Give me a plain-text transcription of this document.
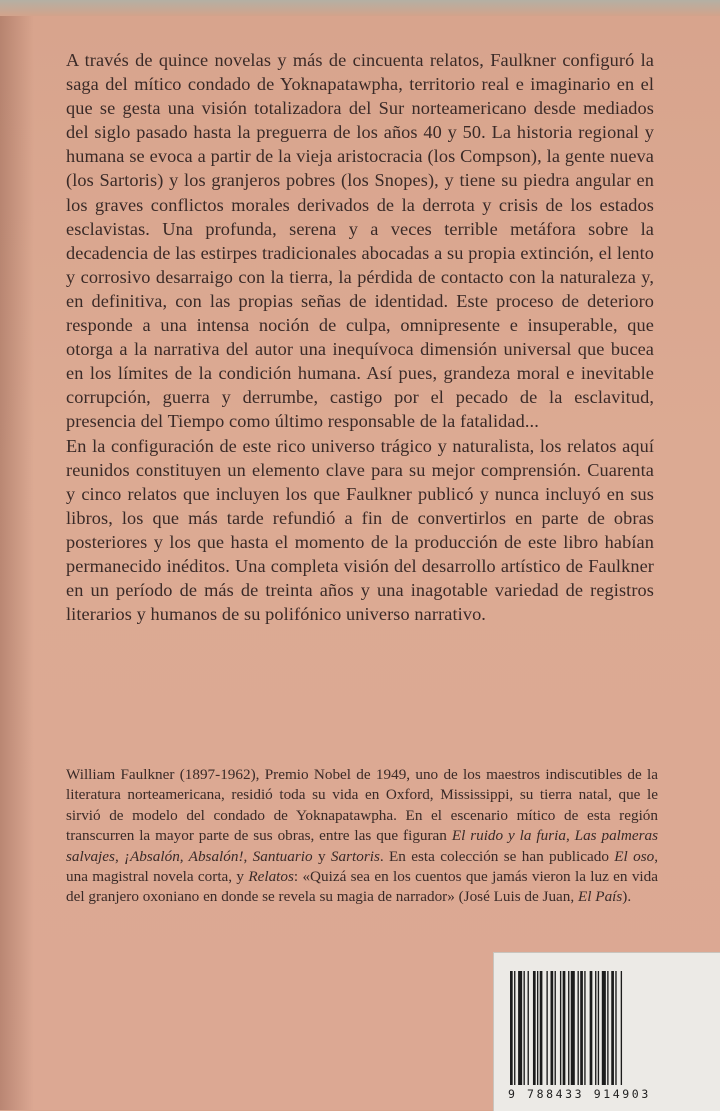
A través de quince novelas y más de cincuenta relatos, Faulkner configuró la saga del mítico condado de Yoknapatawpha, territorio real e imaginario en el que se gesta una visión totalizadora del Sur norteamericano desde mediados del siglo pasado hasta la preguerra de los años 40 y 50. La historia regional y humana se evoca a partir de la vieja aristocracia (los Compson), la gente nueva (los Sartoris) y los granjeros pobres (los Snopes), y tiene su piedra angular en los graves conflictos morales derivados de la derrota y crisis de los estados esclavistas. Una profunda, serena y a veces terrible metáfora sobre la decadencia de las estirpes tradicionales abocadas a su propia extinción, el lento y corrosivo desarraigo con la tierra, la pérdida de contacto con la naturaleza y, en definitiva, con las propias señas de identidad. Este proceso de deterioro responde a una intensa noción de culpa, omnipresente e insuperable, que otorga a la narrativa del autor una inequívoca dimensión universal que bucea en los límites de la condición humana. Así pues, grandeza moral e inevitable corrupción, guerra y derrumbe, castigo por el pecado de la esclavitud, presencia del Tiempo como último responsable de la fatalidad...

En la configuración de este rico universo trágico y naturalista, los relatos aquí reunidos constituyen un elemento clave para su mejor comprensión. Cuarenta y cinco relatos que incluyen los que Faulkner publicó y nunca incluyó en sus libros, los que más tarde refundió a fin de convertirlos en parte de obras posteriores y los que hasta el momento de la producción de este libro habían permanecido inéditos. Una completa visión del desarrollo artístico de Faulkner en un período de más de treinta años y una inagotable variedad de registros literarios y humanos de su polifónico universo narrativo.

William Faulkner (1897-1962), Premio Nobel de 1949, uno de los maestros indiscutibles de la literatura norteamericana, residió toda su vida en Oxford, Mississippi, su tierra natal, que le sirvió de modelo del condado de Yoknapatawpha. En el escenario mítico de esta región transcurren la mayor parte de sus obras, entre las que figuran El ruido y la furia, Las palmeras salvajes, ¡Absalón, Absalón!, Santuario y Sartoris. En esta colección se han publicado El oso, una magistral novela corta, y Relatos: «Quizá sea en los cuentos que jamás vieron la luz en vida del granjero oxoniano en donde se revela su magia de narrador» (José Luis de Juan, El País).

9 788433 914903
